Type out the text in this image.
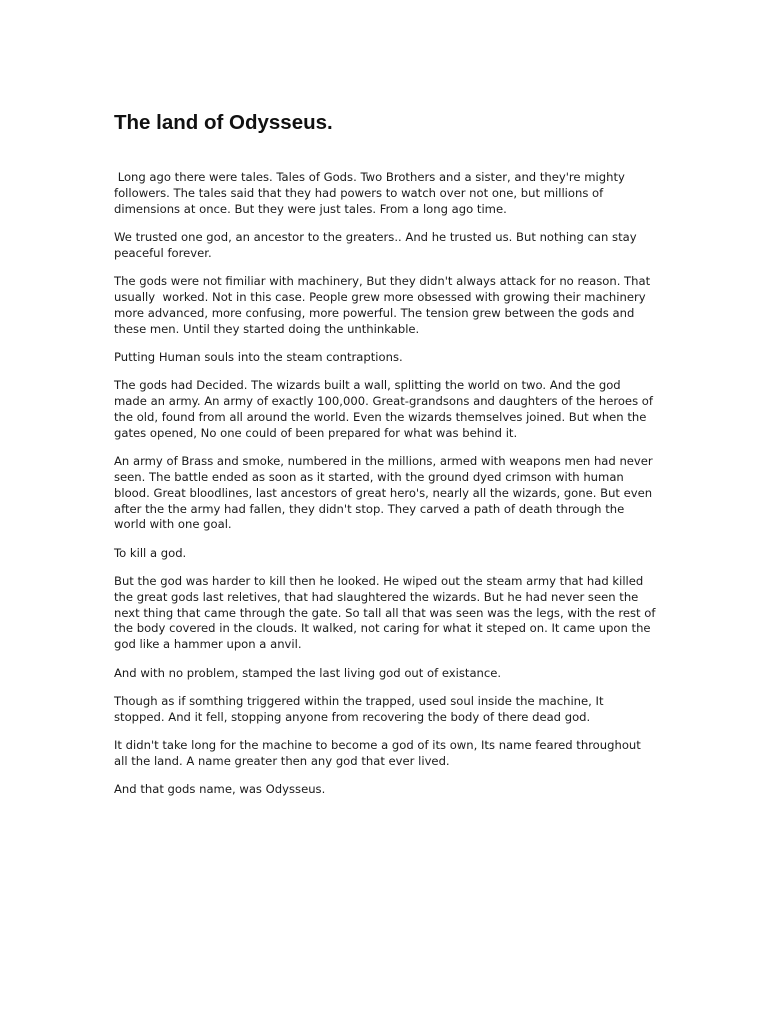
The land of Odysseus.

Long ago there were tales. Tales of Gods. Two Brothers and a sister, and they're mighty followers. The tales said that they had powers to watch over not one, but millions of dimensions at once. But they were just tales. From a long ago time.

We trusted one god, an ancestor to the greaters.. And he trusted us. But nothing can stay peaceful forever.

The gods were not fimiliar with machinery, But they didn't always attack for no reason. That usually  worked. Not in this case. People grew more obsessed with growing their machinery more advanced, more confusing, more powerful. The tension grew between the gods and these men. Until they started doing the unthinkable.

Putting Human souls into the steam contraptions.

The gods had Decided. The wizards built a wall, splitting the world on two. And the god made an army. An army of exactly 100,000. Great-grandsons and daughters of the heroes of the old, found from all around the world. Even the wizards themselves joined. But when the gates opened, No one could of been prepared for what was behind it.

An army of Brass and smoke, numbered in the millions, armed with weapons men had never seen. The battle ended as soon as it started, with the ground dyed crimson with human blood. Great bloodlines, last ancestors of great hero's, nearly all the wizards, gone. But even after the the army had fallen, they didn't stop. They carved a path of death through the world with one goal.

To kill a god.

But the god was harder to kill then he looked. He wiped out the steam army that had killed the great gods last reletives, that had slaughtered the wizards. But he had never seen the next thing that came through the gate. So tall all that was seen was the legs, with the rest of the body covered in the clouds. It walked, not caring for what it steped on. It came upon the god like a hammer upon a anvil.

And with no problem, stamped the last living god out of existance.

Though as if somthing triggered within the trapped, used soul inside the machine, It stopped. And it fell, stopping anyone from recovering the body of there dead god.

It didn't take long for the machine to become a god of its own, Its name feared throughout all the land. A name greater then any god that ever lived.

And that gods name, was Odysseus.
